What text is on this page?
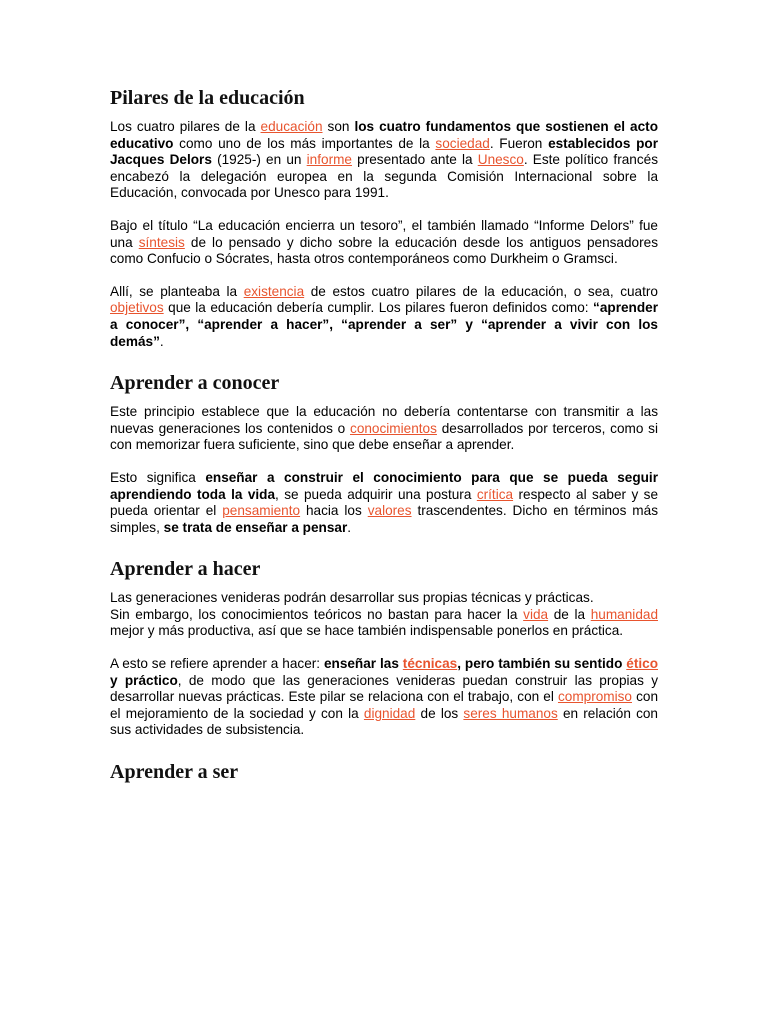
Pilares de la educación

Los cuatro pilares de la educación son los cuatro fundamentos que sostienen el acto educativo como uno de los más importantes de la sociedad. Fueron establecidos por Jacques Delors (1925-) en un informe presentado ante la Unesco. Este político francés encabezó la delegación europea en la segunda Comisión Internacional sobre la Educación, convocada por Unesco para 1991.

Bajo el título “La educación encierra un tesoro”, el también llamado “Informe Delors” fue una síntesis de lo pensado y dicho sobre la educación desde los antiguos pensadores como Confucio o Sócrates, hasta otros contemporáneos como Durkheim o Gramsci.

Allí, se planteaba la existencia de estos cuatro pilares de la educación, o sea, cuatro objetivos que la educación debería cumplir. Los pilares fueron definidos como: “aprender a conocer”, “aprender a hacer”, “aprender a ser” y “aprender a vivir con los demás”.

Aprender a conocer

Este principio establece que la educación no debería contentarse con transmitir a las nuevas generaciones los contenidos o conocimientos desarrollados por terceros, como si con memorizar fuera suficiente, sino que debe enseñar a aprender.

Esto significa enseñar a construir el conocimiento para que se pueda seguir aprendiendo toda la vida, se pueda adquirir una postura crítica respecto al saber y se pueda orientar el pensamiento hacia los valores trascendentes. Dicho en términos más simples, se trata de enseñar a pensar.

Aprender a hacer

Las generaciones venideras podrán desarrollar sus propias técnicas y prácticas.

Sin embargo, los conocimientos teóricos no bastan para hacer la vida de la humanidad mejor y más productiva, así que se hace también indispensable ponerlos en práctica.

A esto se refiere aprender a hacer: enseñar las técnicas, pero también su sentido ético y práctico, de modo que las generaciones venideras puedan construir las propias y desarrollar nuevas prácticas. Este pilar se relaciona con el trabajo, con el compromiso con el mejoramiento de la sociedad y con la dignidad de los seres humanos en relación con sus actividades de subsistencia.

Aprender a ser
